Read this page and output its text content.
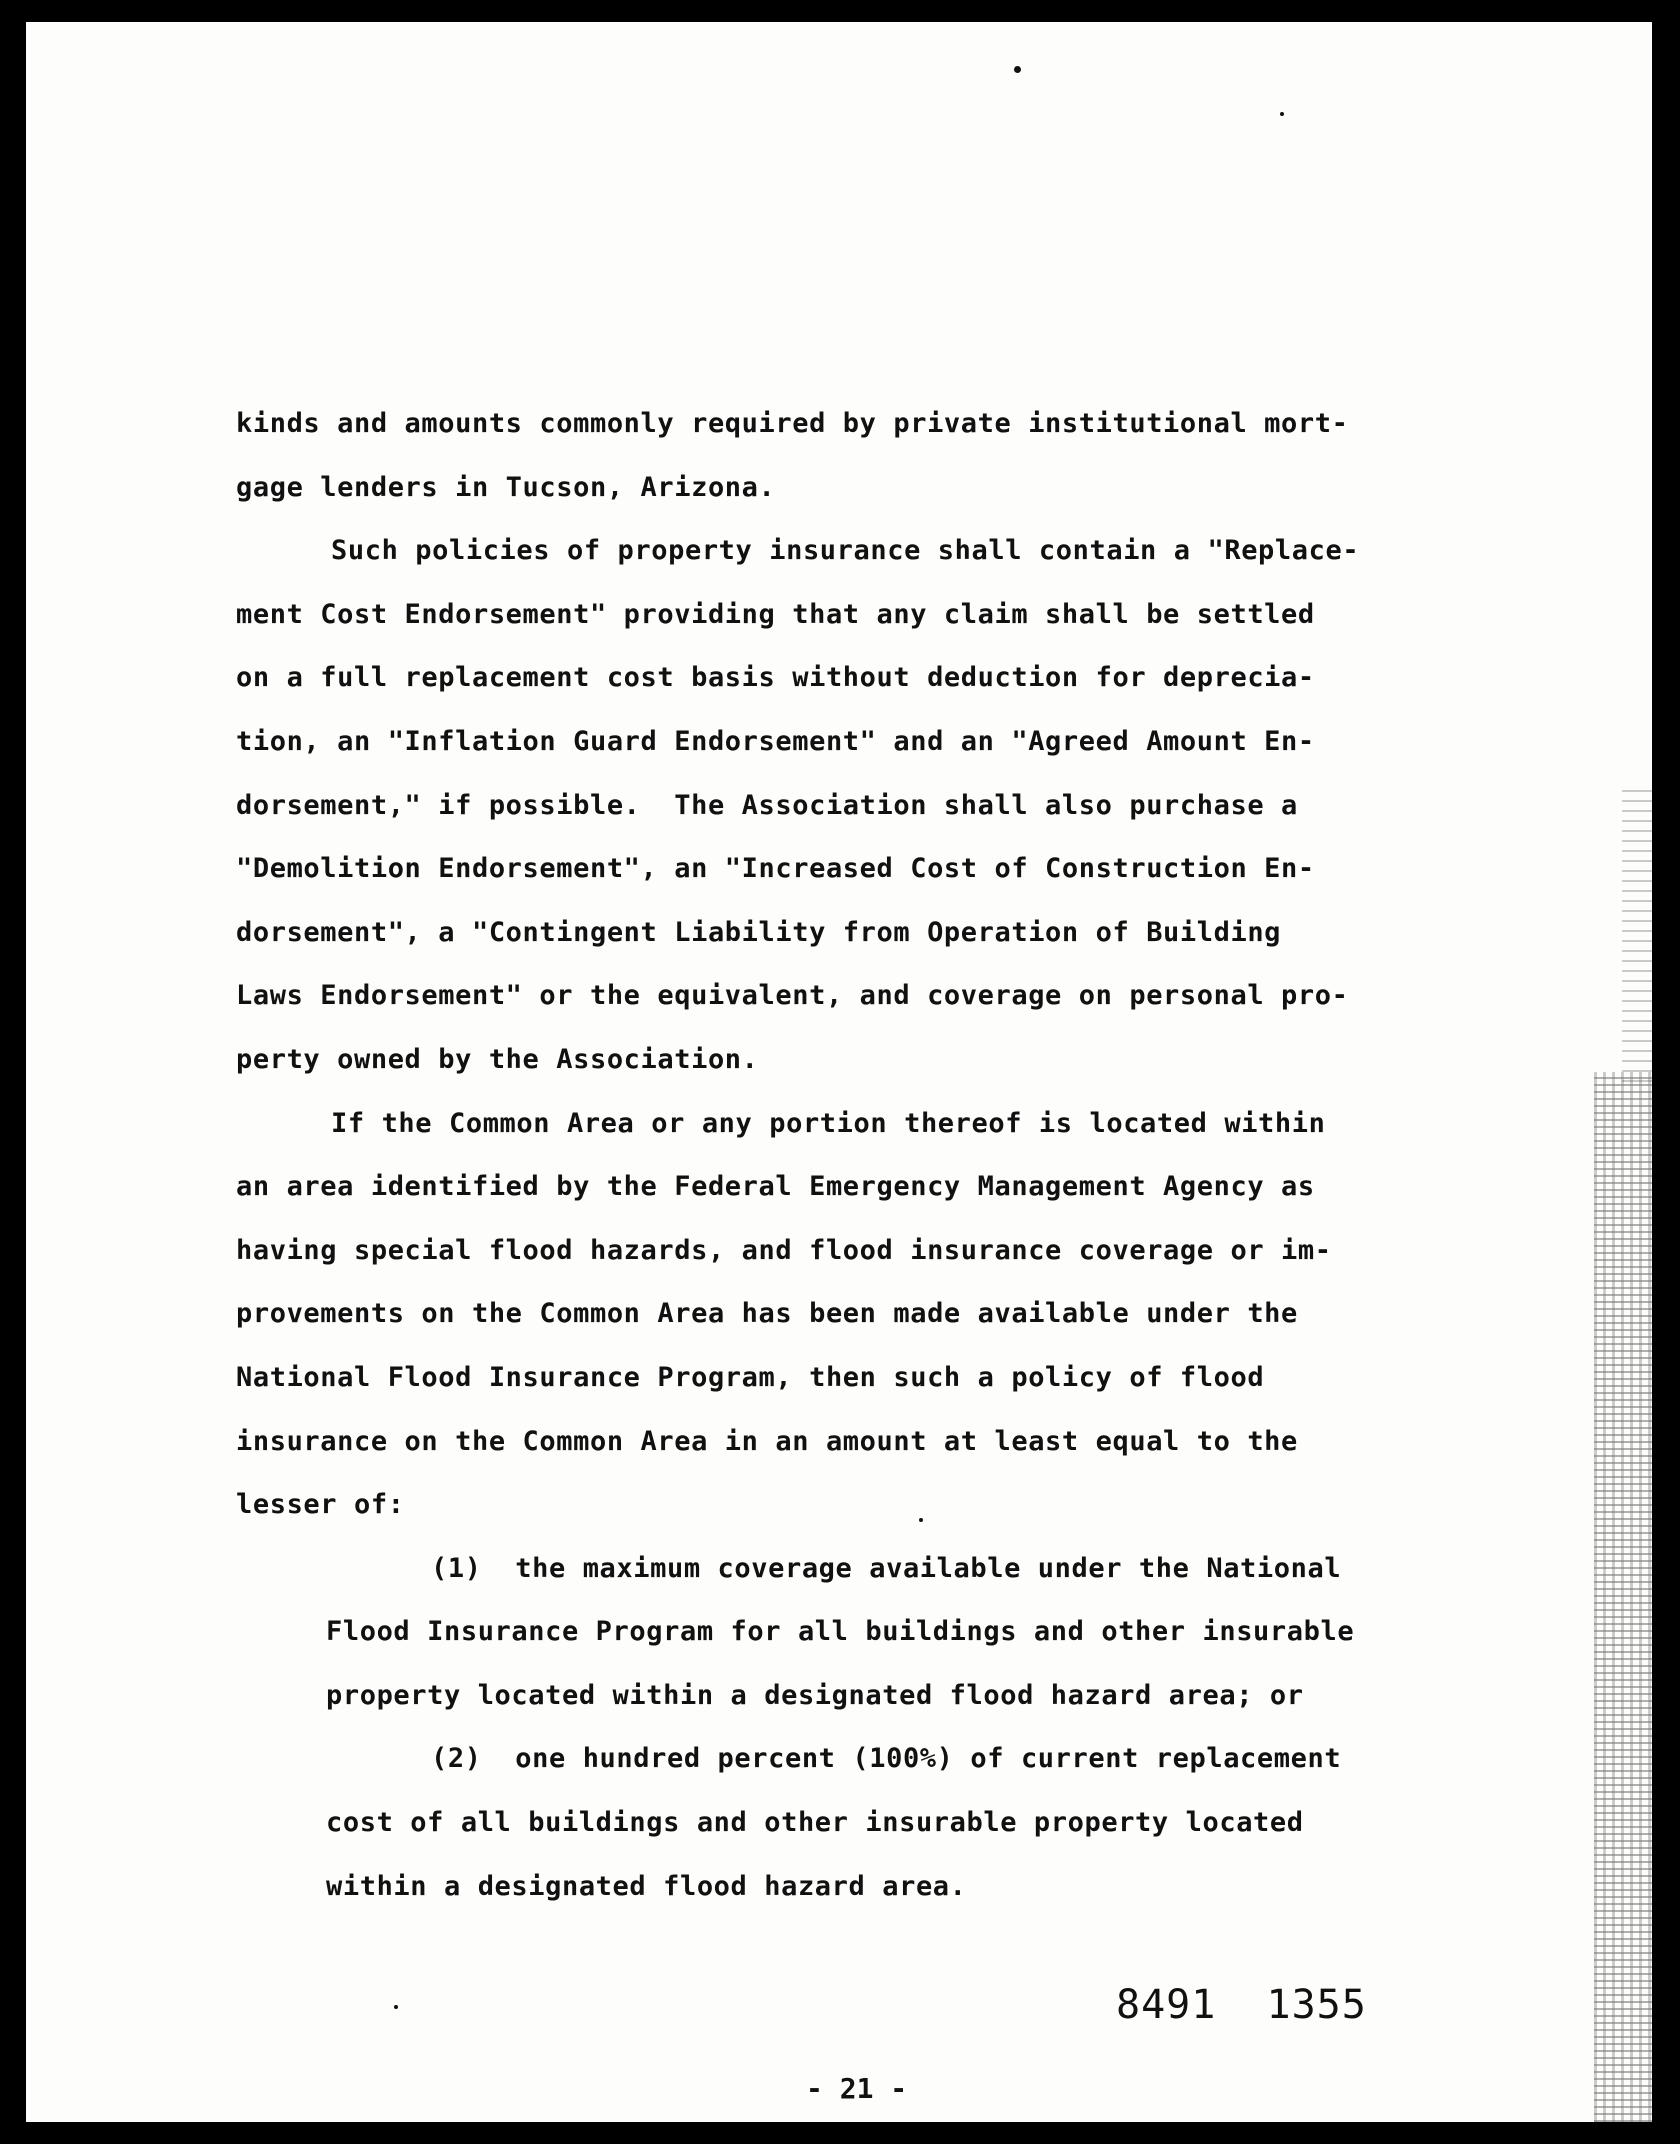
kinds and amounts commonly required by private institutional mort-
gage lenders in Tucson, Arizona.
Such policies of property insurance shall contain a "Replace-
ment Cost Endorsement" providing that any claim shall be settled
on a full replacement cost basis without deduction for deprecia-
tion, an "Inflation Guard Endorsement" and an "Agreed Amount En-
dorsement," if possible.  The Association shall also purchase a
"Demolition Endorsement", an "Increased Cost of Construction En-
dorsement", a "Contingent Liability from Operation of Building
Laws Endorsement" or the equivalent, and coverage on personal pro-
perty owned by the Association.
If the Common Area or any portion thereof is located within
an area identified by the Federal Emergency Management Agency as
having special flood hazards, and flood insurance coverage or im-
provements on the Common Area has been made available under the
National Flood Insurance Program, then such a policy of flood
insurance on the Common Area in an amount at least equal to the
lesser of:
(1)  the maximum coverage available under the National
Flood Insurance Program for all buildings and other insurable
property located within a designated flood hazard area; or
(2)  one hundred percent (100%) of current replacement
cost of all buildings and other insurable property located
within a designated flood hazard area.
8491  1355
- 21 -
